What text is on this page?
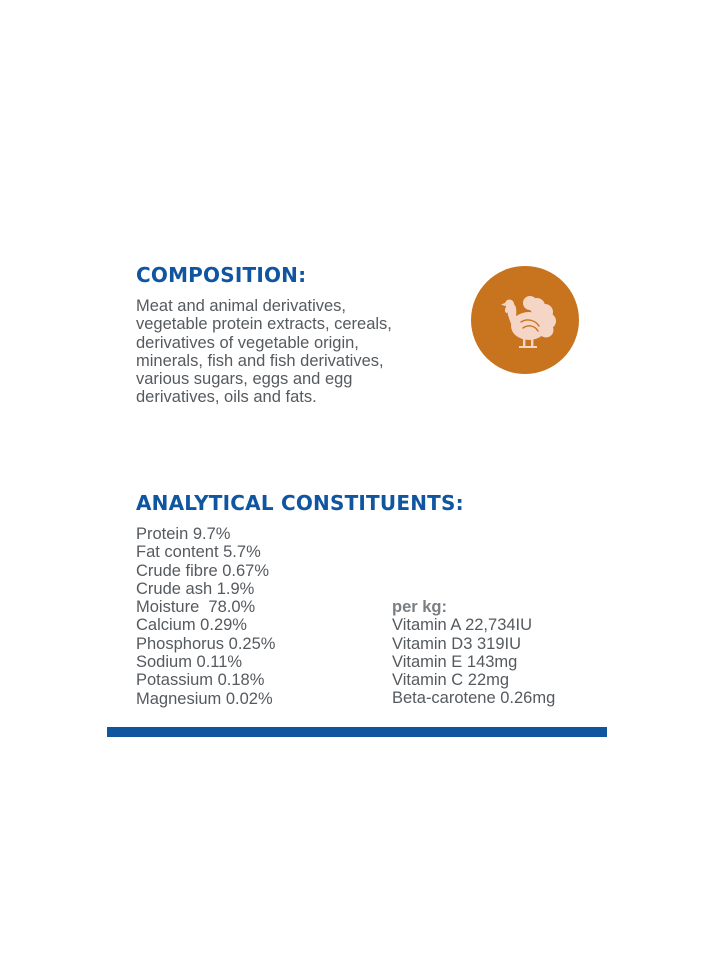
COMPOSITION:
Meat and animal derivatives,
vegetable protein extracts, cereals,
derivatives of vegetable origin,
minerals, fish and fish derivatives,
various sugars, eggs and egg
derivatives, oils and fats.
ANALYTICAL CONSTITUENTS:
Protein 9.7%
Fat content 5.7%
Crude fibre 0.67%
Crude ash 1.9%
Moisture  78.0%
Calcium 0.29%
Phosphorus 0.25%
Sodium 0.11%
Potassium 0.18%
Magnesium 0.02%
per kg:
Vitamin A 22,734IU
Vitamin D3 319IU
Vitamin E 143mg
Vitamin C 22mg
Beta-carotene 0.26mg
